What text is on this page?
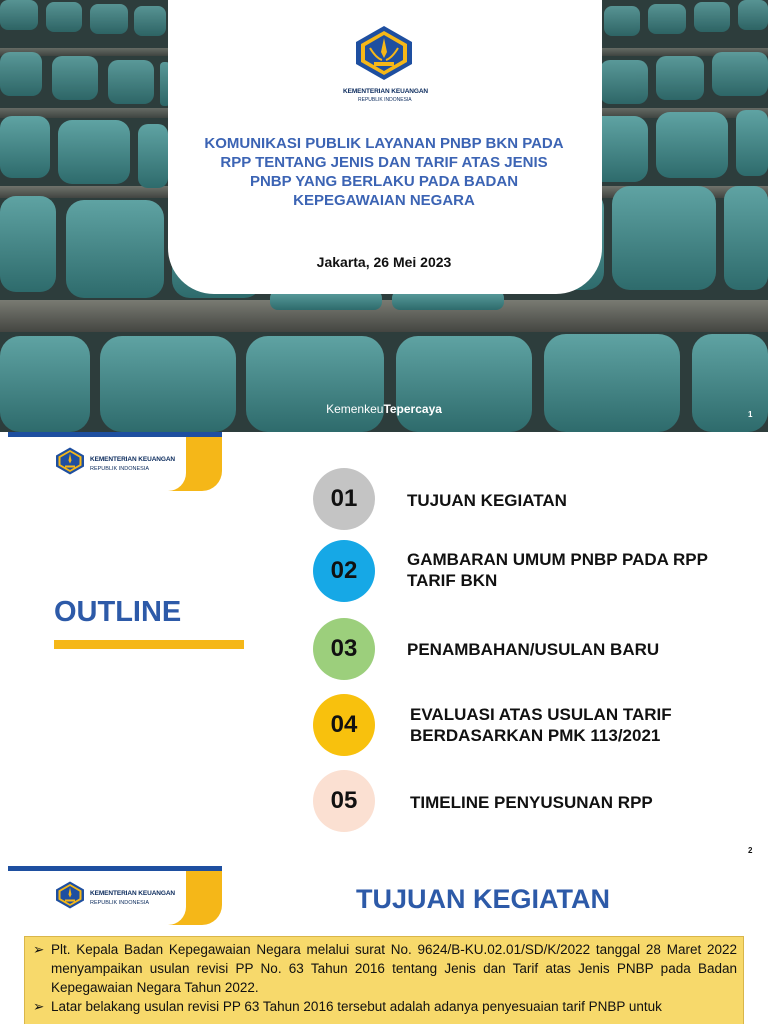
KEMENTERIAN KEUANGAN
REPUBLIK INDONESIA
KOMUNIKASI PUBLIK LAYANAN PNBP BKN PADA RPP TENTANG JENIS DAN TARIF ATAS JENIS PNBP YANG BERLAKU PADA BADAN KEPEGAWAIAN NEGARA
Jakarta, 26 Mei 2023
KemenkeuTepercaya	1
KEMENTERIAN KEUANGAN
REPUBLIK INDONESIA
OUTLINE
01	TUJUAN KEGIATAN
02	GAMBARAN UMUM PNBP PADA RPP TARIF BKN
03	PENAMBAHAN/USULAN BARU
04	EVALUASI ATAS USULAN TARIF BERDASARKAN PMK 113/2021
05	TIMELINE PENYUSUNAN RPP
2
KEMENTERIAN KEUANGAN
REPUBLIK INDONESIA	TUJUAN KEGIATAN
➢ Plt. Kepala Badan Kepegawaian Negara melalui surat No. 9624/B-KU.02.01/SD/K/2022 tanggal 28 Maret 2022 menyampaikan usulan revisi PP No. 63 Tahun 2016 tentang Jenis dan Tarif atas Jenis PNBP pada Badan Kepegawaian Negara Tahun 2022.
➢ Latar belakang usulan revisi PP 63 Tahun 2016 tersebut adalah adanya penyesuaian tarif PNBP untuk
